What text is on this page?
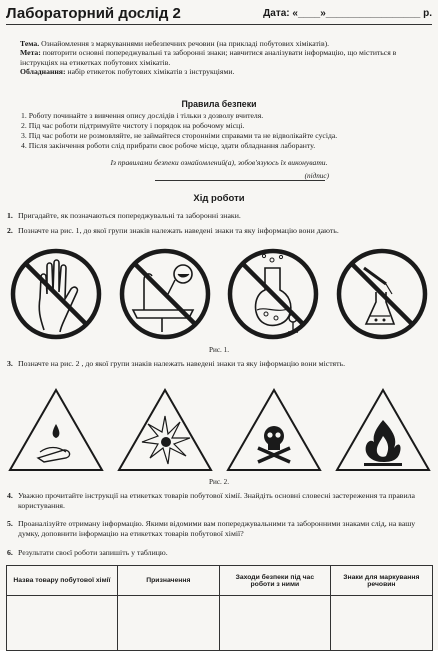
Лабораторний дослід 2	Дата: «____»_________________ р.
Тема. Ознайомлення з маркуваннями небезпечних речовин (на прикладі побутових хімікатів).
Мета: повторити основні попереджувальні та заборонні знаки; навчитися аналізувати інформацію, що міститься в інструкціях на етикетках побутових хімікатів.
Обладнання: набір етикеток побутових хімікатів з інструкціями.
Правила безпеки
1. Роботу починайте з вивчення опису дослідів і тільки з дозволу вчителя.
2. Під час роботи підтримуйте чистоту і порядок на робочому місці.
3. Під час роботи не розмовляйте, не займайтеся сторонніми справами та не відволікайте сусіда.
4. Після закінчення роботи слід прибрати своє робоче місце, здати обладнання лаборанту.
Із правилами безпеки ознайомлений(а), зобов'язуюсь їх виконувати.
(підпис)
Хід роботи
1. Пригадайте, як позначаються попереджувальні та заборонні знаки.
2. Позначте на рис. 1, до якої групи знаків належать наведені знаки та яку інформацію вони дають.
Рис. 1.
3. Позначте на рис. 2 , до якої групи знаків належать наведені знаки та яку інформацію вони містять.
Рис. 2.
4. Уважно прочитайте інструкції на етикетках товарів побутової хімії. Знайдіть основні словесні застереження та правила користування.
5. Проаналізуйте отриману інформацію. Якими відомими вам попереджувальними та заборонними знаками слід, на вашу думку, доповнити інформацію на етикетках товарів побутової хімії?
6. Результати своєї роботи запишіть у таблицю.
Назва товару побутової хімії	Призначення	Заходи безпеки під час роботи з ними	Знаки для маркування речовин
